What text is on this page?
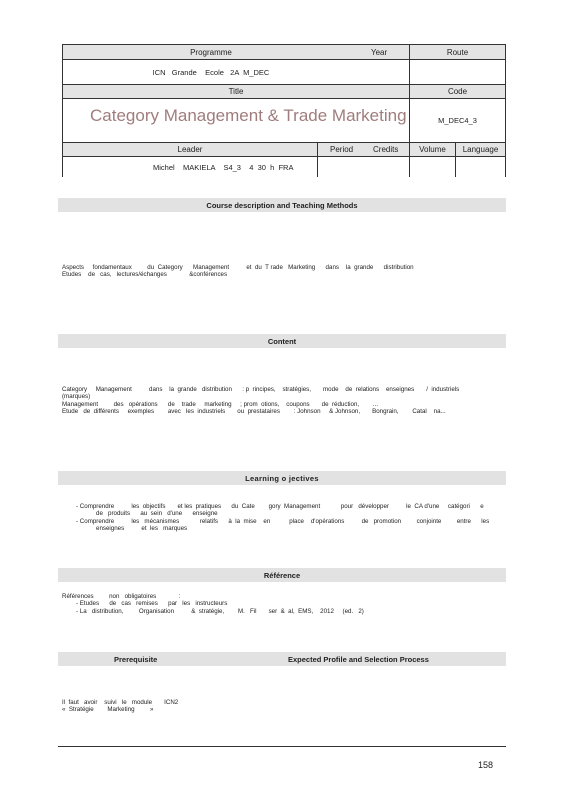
Programme	Year	Route
ICN   Grande    Ecole   2A  M_DEC
Title	Code
Category Management & Trade Marketing	M_DEC4_3
Leader	Period Credits	Volume Language
Michel    MAKIELA    S4_3    4  30  h  FRA
Course description and Teaching Methods
Aspects     fondamentaux         du  Category      Management          et  du  T rade   Marketing      dans    la  grande      distribution
Etudes    de   cas,   lectures/échanges             &conférences
Content
Category     Management          dans    la  grande   distribution      : p  rincipes,    stratégies,       mode    de  relations    enseignes       /  industriels
(marques)
Management         des   opérations      de    trade     marketing     ; prom  otions,    coupons       de  réduction,        ...
Etude   de  différents     exemples        avec   les  industriels       ou  prestataires        : Johnson     & Johnson,       Bongrain,        Catal    na...
Learning o jectives
- Comprendre          les  objectifs       et les  pratiques      du  Cate        gory  Management            pour   développer          le  CA d'une     catégori      e
de   produits      au  sein   d'une      enseigne
- Comprendre          les   mécanismes            relatifs      à  la  mise    en           place    d'opérations          de   promotion         conjointe         entre      les
enseignes          et  les   marques
Référence
Références         non   obligatoires             :
- Etudes      de   cas   remises      par   les   instructeurs
- La   distribution,         Organisation          &  stratégie,        M.   Fil       ser  &  al,  EMS,    2012     (ed.   2)
Prerequisite	Expected Profile and Selection Process
Il  faut   avoir    suivi   le   module       ICN2
«  Stratégie        Marketing         »
158
